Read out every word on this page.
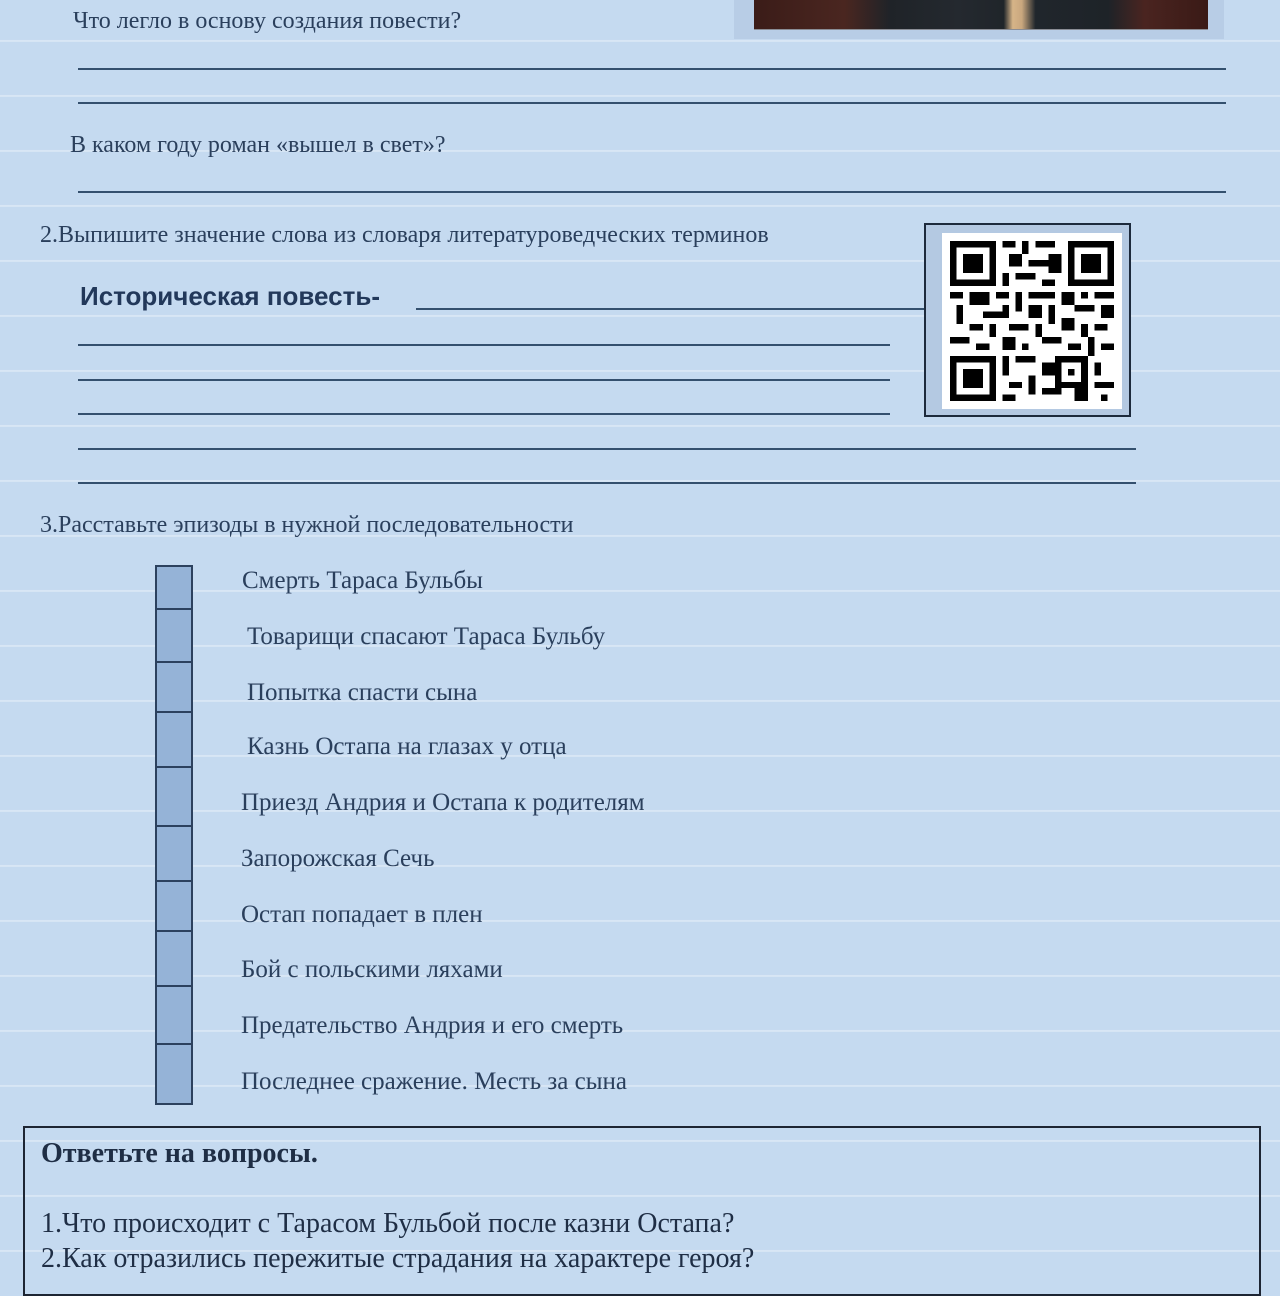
Что легло в основу создания повести?
В каком году роман «вышел в свет»?
2.Выпишите значение слова из словаря литературоведческих терминов
Историческая повесть-
3.Расставьте эпизоды в нужной последовательности
Смерть Тараса Бульбы
Товарищи спасают Тараса Бульбу
Попытка спасти сына
Казнь Остапа на глазах у отца
Приезд Андрия и Остапа к родителям
Запорожская Сечь
Остап попадает в плен
Бой с польскими ляхами
Предательство Андрия и его смерть
Последнее сражение. Месть за сына
Ответьте на вопросы.
1.Что происходит с Тарасом Бульбой после казни Остапа?
2.Как отразились пережитые страдания на характере героя?
